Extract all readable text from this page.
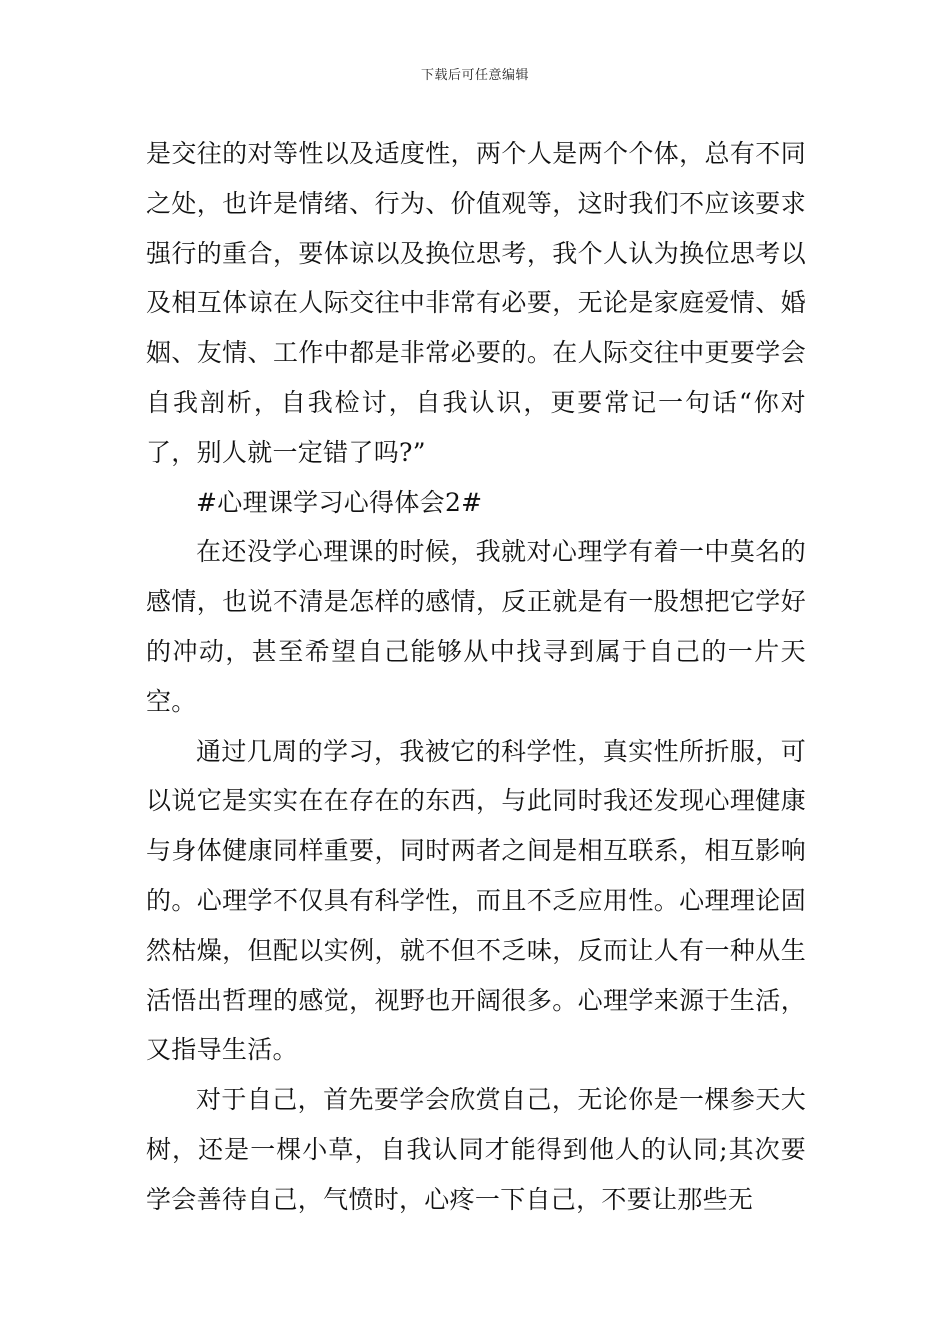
下载后可任意编辑

是交往的对等性以及适度性，两个人是两个个体，总有不同之处，也许是情绪、行为、价值观等，这时我们不应该要求强行的重合，要体谅以及换位思考，我个人认为换位思考以及相互体谅在人际交往中非常有必要，无论是家庭爱情、婚姻、友情、工作中都是非常必要的。在人际交往中更要学会自我剖析，自我检讨，自我认识，更要常记一句话“你对了，别人就一定错了吗?”

#心理课学习心得体会2#

在还没学心理课的时候，我就对心理学有着一中莫名的感情，也说不清是怎样的感情，反正就是有一股想把它学好的冲动，甚至希望自己能够从中找寻到属于自己的一片天空。

通过几周的学习，我被它的科学性，真实性所折服，可以说它是实实在在存在的东西，与此同时我还发现心理健康与身体健康同样重要，同时两者之间是相互联系，相互影响的。心理学不仅具有科学性，而且不乏应用性。心理理论固然枯燥，但配以实例，就不但不乏味，反而让人有一种从生活悟出哲理的感觉，视野也开阔很多。心理学来源于生活，又指导生活。

对于自己，首先要学会欣赏自己，无论你是一棵参天大树，还是一棵小草，自我认同才能得到他人的认同;其次要学会善待自己，气愤时，心疼一下自己，不要让那些无
